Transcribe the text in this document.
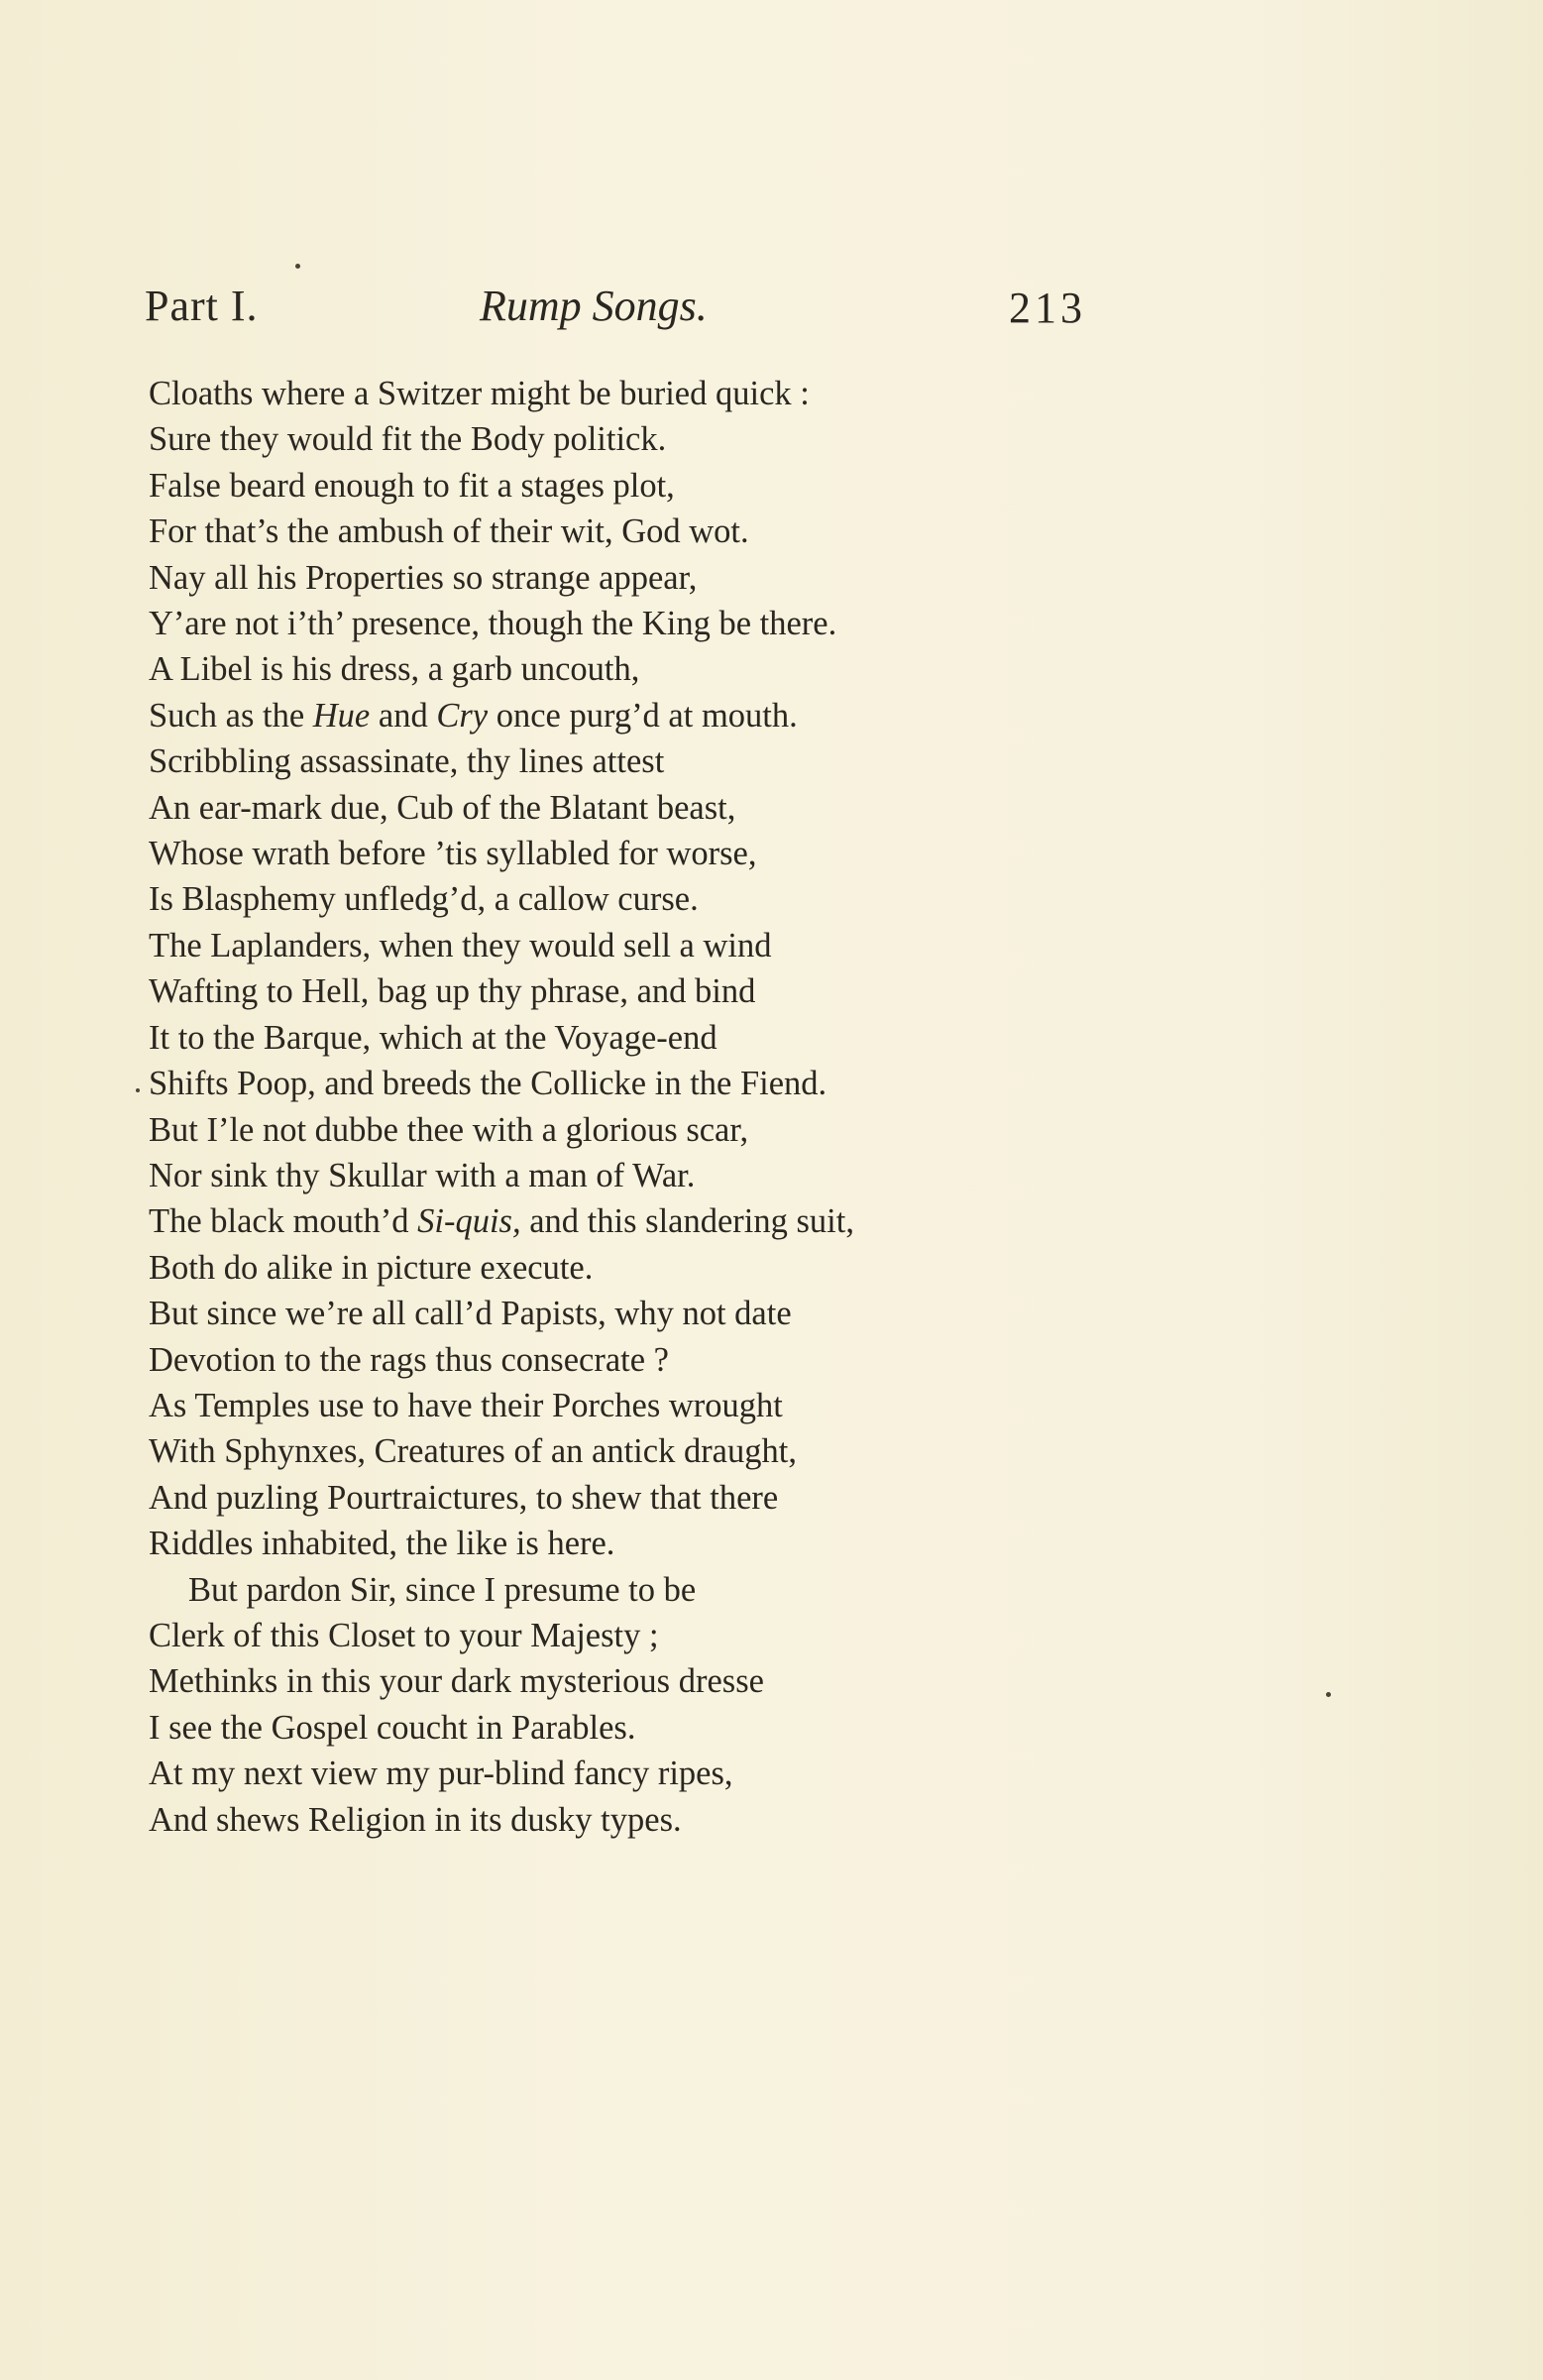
Part I.	Rump Songs.	213
Cloaths where a Switzer might be buried quick :
Sure they would fit the Body politick.
False beard enough to fit a stages plot,
For that’s the ambush of their wit, God wot.
Nay all his Properties so strange appear,
Y’are not i’th’ presence, though the King be there.
A Libel is his dress, a garb uncouth,
Such as the Hue and Cry once purg’d at mouth.
Scribbling assassinate, thy lines attest
An ear-mark due, Cub of the Blatant beast,
Whose wrath before ’tis syllabled for worse,
Is Blasphemy unfledg’d, a callow curse.
The Laplanders, when they would sell a wind
Wafting to Hell, bag up thy phrase, and bind
It to the Barque, which at the Voyage-end
Shifts Poop, and breeds the Collicke in the Fiend.
But I’le not dubbe thee with a glorious scar,
Nor sink thy Skullar with a man of War.
The black mouth’d Si-quis, and this slandering suit,
Both do alike in picture execute.
But since we’re all call’d Papists, why not date
Devotion to the rags thus consecrate ?
As Temples use to have their Porches wrought
With Sphynxes, Creatures of an antick draught,
And puzling Pourtraictures, to shew that there
Riddles inhabited, the like is here.
But pardon Sir, since I presume to be
Clerk of this Closet to your Majesty ;
Methinks in this your dark mysterious dresse
I see the Gospel coucht in Parables.
At my next view my pur-blind fancy ripes,
And shews Religion in its dusky types.
